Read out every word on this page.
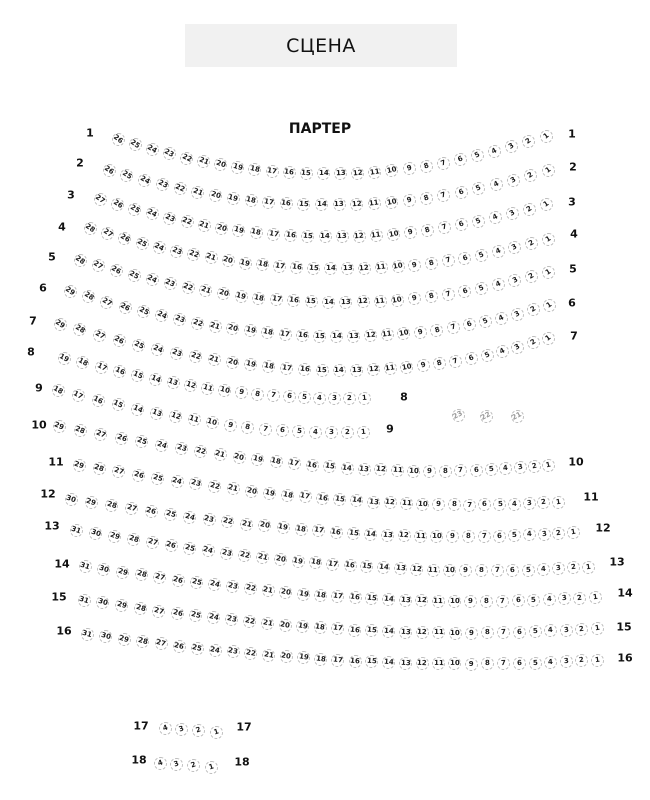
СЦЕНА
ПАРТЕР
1	1
26 25 24 23 22 21 20 19 18 17 16 15 14 13 12 11 10 9 8 7 6 5 4
3
2
1
2	2
26 25 24 23 22 21 20 19 18 17 16 15 14 13 12 11 10 9 8 7 6 5 4 3
2
1
3
3
27 26 25 24 23 22 21 20 19 18 17 16 15 14 13 12 11 10 9 8 7 6 5 4 3 2
1
4
4
28 27 26 25 24 23 22 21 20 19 18 17 16 15 14 13 12 11 10 9 8 7 6 5 4 3 2 1
5
5
28 27 26 25 24 23 22 21 20 19 18 17 16 15 14 13 12 11 10 9 8 7 6 5 4 3 2 1
6
6
29 28 27 26 25 24 23 22 21 20 19 18 17 16 15 14 13 12 11 10 9 8 7 6 5 4 3 2
1
7
7
29 28 27 26 25 24 23 22 21 20 19 18 17 16 15 14 13 12 11 10 9 8 7 6 5 4 3 2
1
8
8
19 18 17 16 15 14 13 12 11 10 9 8 7 6 5 4 3 2 1
9
9
18 17 16 15 14 13 12 11 10 9 8 7 6 5 4 3 2 1
10
10
29 28 27 26 25 24 23 22 21 20 19 18 17 16 15 14 13 12 11 10 9 8 7 6 5 4 3 2 1
11
11
29 28 27 26 25 24 23 22 21 20 19 18 17 16 15 14 13 12 11 10 9 8 7 6 5 4 3 2 1
12
12
30 29 28 27 26 25 24 23 22 21 20 19 18 17 16 15 14 13 12 11 10 9 8 7 6 5 4 3 2 1
13
13
31 30 29 28 27 26 25 24 23 22 21 20 19 18 17 16 15 14 13 12 11 10 9 8 7 6 5 4 3 2 1
14
14
31 30 29 28 27 26 25 24 23 22 21 20 19 18 17 16 15 14 13 12 11 10 9 8 7 6 5 4 3 2 1
15
15
31 30 29 28 27 26 25 24 23 22 21 20 19 18 17 16 15 14 13 12 11 10 9 8 7 6 5 4 3 2 1
16
16
31 30 29 28 27 26 25 24 23 22 21 20 19 18 17 16 15 14 13 12 11 10 9 8 7 6 5 4 3 2 1
17	17
4 3 2 1
18	18
4 3 2 1
23 22	21
